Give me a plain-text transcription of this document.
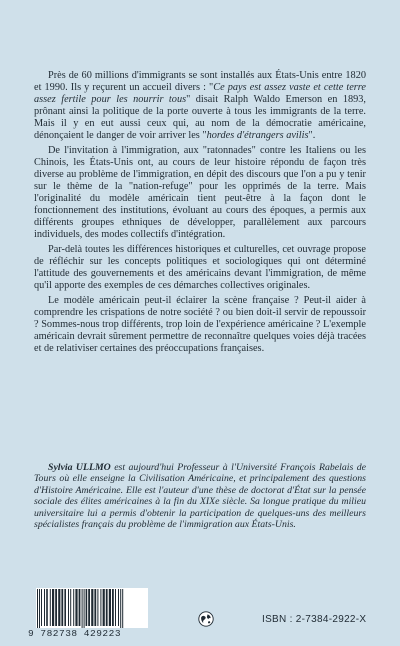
Près de 60 millions d'immigrants se sont installés aux États-Unis entre 1820 et 1990. Ils y reçurent un accueil divers : "Ce pays est assez vaste et cette terre assez fertile pour les nourrir tous" disait Ralph Waldo Emerson en 1893, prônant ainsi la politique de la porte ouverte à tous les immigrants de la terre. Mais il y en eut aussi ceux qui, au nom de la démocratie américaine, dénonçaient le danger de voir arriver les "hordes d'étrangers avilis".

De l'invitation à l'immigration, aux "ratonnades" contre les Italiens ou les Chinois, les États-Unis ont, au cours de leur histoire répondu de façon très diverse au problème de l'immigration, en dépit des discours que l'on a pu y tenir sur le thème de la "nation-refuge" pour les opprimés de la terre. Mais l'originalité du modèle américain tient peut-être à la façon dont le fonctionnement des institutions, évoluant au cours des époques, a permis aux différents groupes ethniques de développer, parallèlement aux parcours individuels, des modes collectifs d'intégration.

Par-delà toutes les différences historiques et culturelles, cet ouvrage propose de réfléchir sur les concepts politiques et sociologiques qui ont déterminé l'attitude des gouvernements et des américains devant l'immigration, de même qu'il apporte des exemples de ces démarches collectives originales.

Le modèle américain peut-il éclairer la scène française ? Peut-il aider à comprendre les crispations de notre société ? ou bien doit-il servir de repoussoir ? Sommes-nous trop différents, trop loin de l'expérience américaine ? L'exemple américain devrait sûrement permettre de reconnaître quelques voies déjà tracées et de relativiser certaines des préoccupations françaises.

Sylvia ULLMO est aujourd'hui Professeur à l'Université François Rabelais de Tours où elle enseigne la Civilisation Américaine, et principalement des questions d'Histoire Américaine. Elle est l'auteur d'une thèse de doctorat d'État sur la pensée sociale des élites américaines à la fin du XIXe siècle. Sa longue pratique du milieu universitaire lui a permis d'obtenir la participation de quelques-uns des meilleurs spécialistes français du problème de l'immigration aux États-Unis.

9 782738 429223
ISBN : 2-7384-2922-X
